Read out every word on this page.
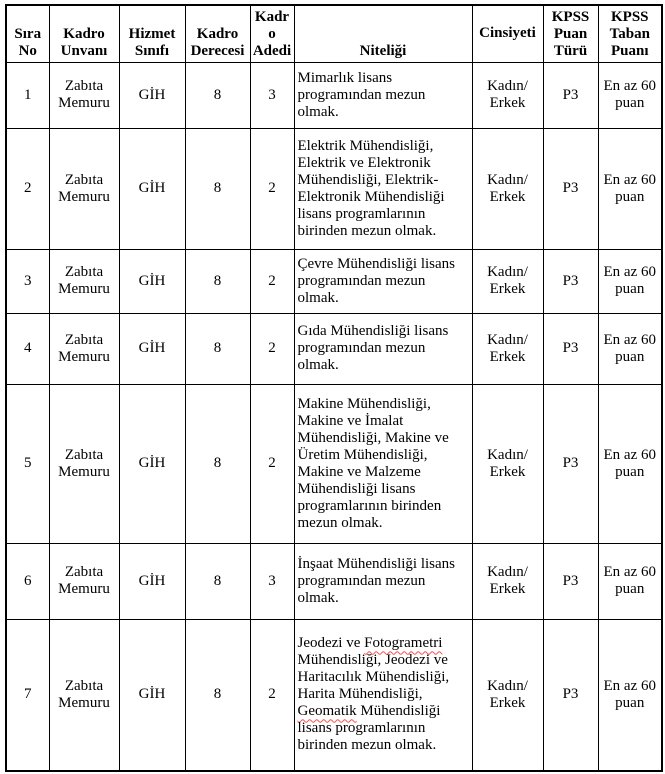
Sıra No	Kadro Unvanı	Hizmet Sınıfı	Kadro Derecesi	Kadro Adedi	Niteliği	Cinsiyeti	KPSS Puan Türü	KPSS Taban Puanı
1	Zabıta Memuru	GİH	8	3	Mimarlık lisans programından mezun olmak.	Kadın/ Erkek	P3	En az 60 puan
2	Zabıta Memuru	GİH	8	2	Elektrik Mühendisliği, Elektrik ve Elektronik Mühendisliği, Elektrik-Elektronik Mühendisliği lisans programlarının birinden mezun olmak.	Kadın/ Erkek	P3	En az 60 puan
3	Zabıta Memuru	GİH	8	2	Çevre Mühendisliği lisans programından mezun olmak.	Kadın/ Erkek	P3	En az 60 puan
4	Zabıta Memuru	GİH	8	2	Gıda Mühendisliği lisans programından mezun olmak.	Kadın/ Erkek	P3	En az 60 puan
5	Zabıta Memuru	GİH	8	2	Makine Mühendisliği, Makine ve İmalat Mühendisliği, Makine ve Üretim Mühendisliği, Makine ve Malzeme Mühendisliği lisans programlarının birinden mezun olmak.	Kadın/ Erkek	P3	En az 60 puan
6	Zabıta Memuru	GİH	8	3	İnşaat Mühendisliği lisans programından mezun olmak.	Kadın/ Erkek	P3	En az 60 puan
7	Zabıta Memuru	GİH	8	2	Jeodezi ve Fotogrametri Mühendisliği, Jeodezi ve Haritacılık Mühendisliği, Harita Mühendisliği, Geomatik Mühendisliği lisans programlarının birinden mezun olmak.	Kadın/ Erkek	P3	En az 60 puan
